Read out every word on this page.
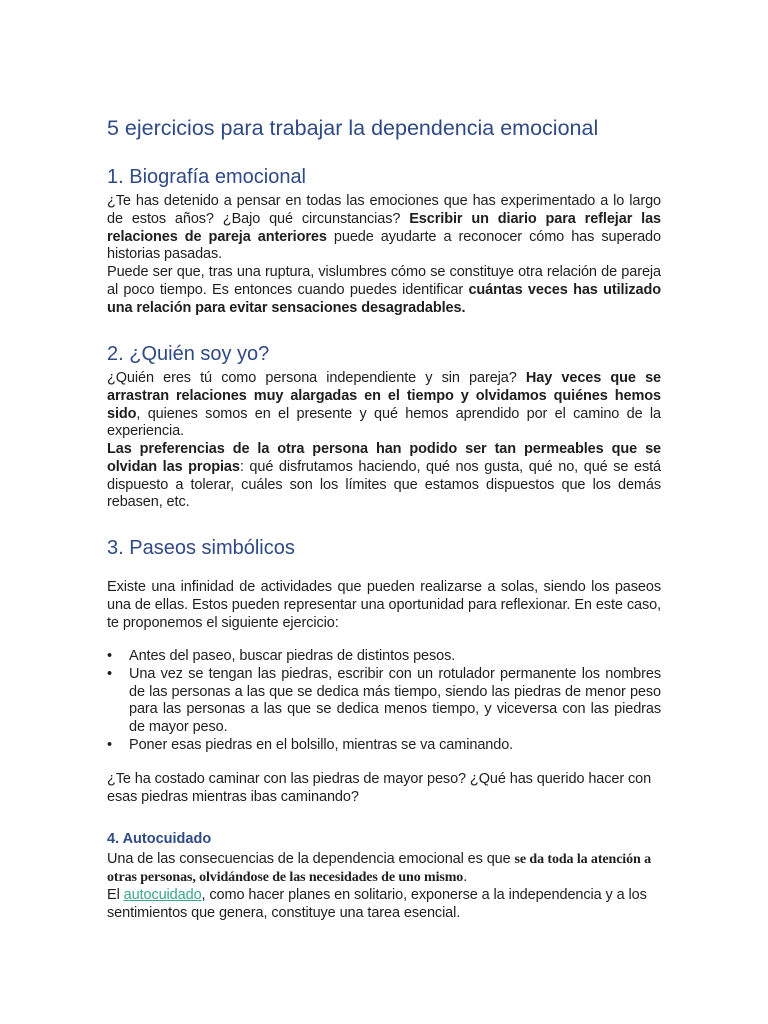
5 ejercicios para trabajar la dependencia emocional
1. Biografía emocional

¿Te has detenido a pensar en todas las emociones que has experimentado a lo largo de estos años? ¿Bajo qué circunstancias? Escribir un diario para reflejar las relaciones de pareja anteriores puede ayudarte a reconocer cómo has superado historias pasadas.

Puede ser que, tras una ruptura, vislumbres cómo se constituye otra relación de pareja al poco tiempo. Es entonces cuando puedes identificar cuántas veces has utilizado una relación para evitar sensaciones desagradables.

2. ¿Quién soy yo?

¿Quién eres tú como persona independiente y sin pareja? Hay veces que se arrastran relaciones muy alargadas en el tiempo y olvidamos quiénes hemos sido, quienes somos en el presente y qué hemos aprendido por el camino de la experiencia.

Las preferencias de la otra persona han podido ser tan permeables que se olvidan las propias: qué disfrutamos haciendo, qué nos gusta, qué no, qué se está dispuesto a tolerar, cuáles son los límites que estamos dispuestos que los demás rebasen, etc.

3. Paseos simbólicos

Existe una infinidad de actividades que pueden realizarse a solas, siendo los paseos una de ellas. Estos pueden representar una oportunidad para reflexionar. En este caso, te proponemos el siguiente ejercicio:

• Antes del paseo, buscar piedras de distintos pesos.
• Una vez se tengan las piedras, escribir con un rotulador permanente los nombres de las personas a las que se dedica más tiempo, siendo las piedras de menor peso para las personas a las que se dedica menos tiempo, y viceversa con las piedras de mayor peso.
• Poner esas piedras en el bolsillo, mientras se va caminando.

¿Te ha costado caminar con las piedras de mayor peso? ¿Qué has querido hacer con esas piedras mientras ibas caminando?

4. Autocuidado

Una de las consecuencias de la dependencia emocional es que se da toda la atención a otras personas, olvidándose de las necesidades de uno mismo.

El autocuidado, como hacer planes en solitario, exponerse a la independencia y a los sentimientos que genera, constituye una tarea esencial.
